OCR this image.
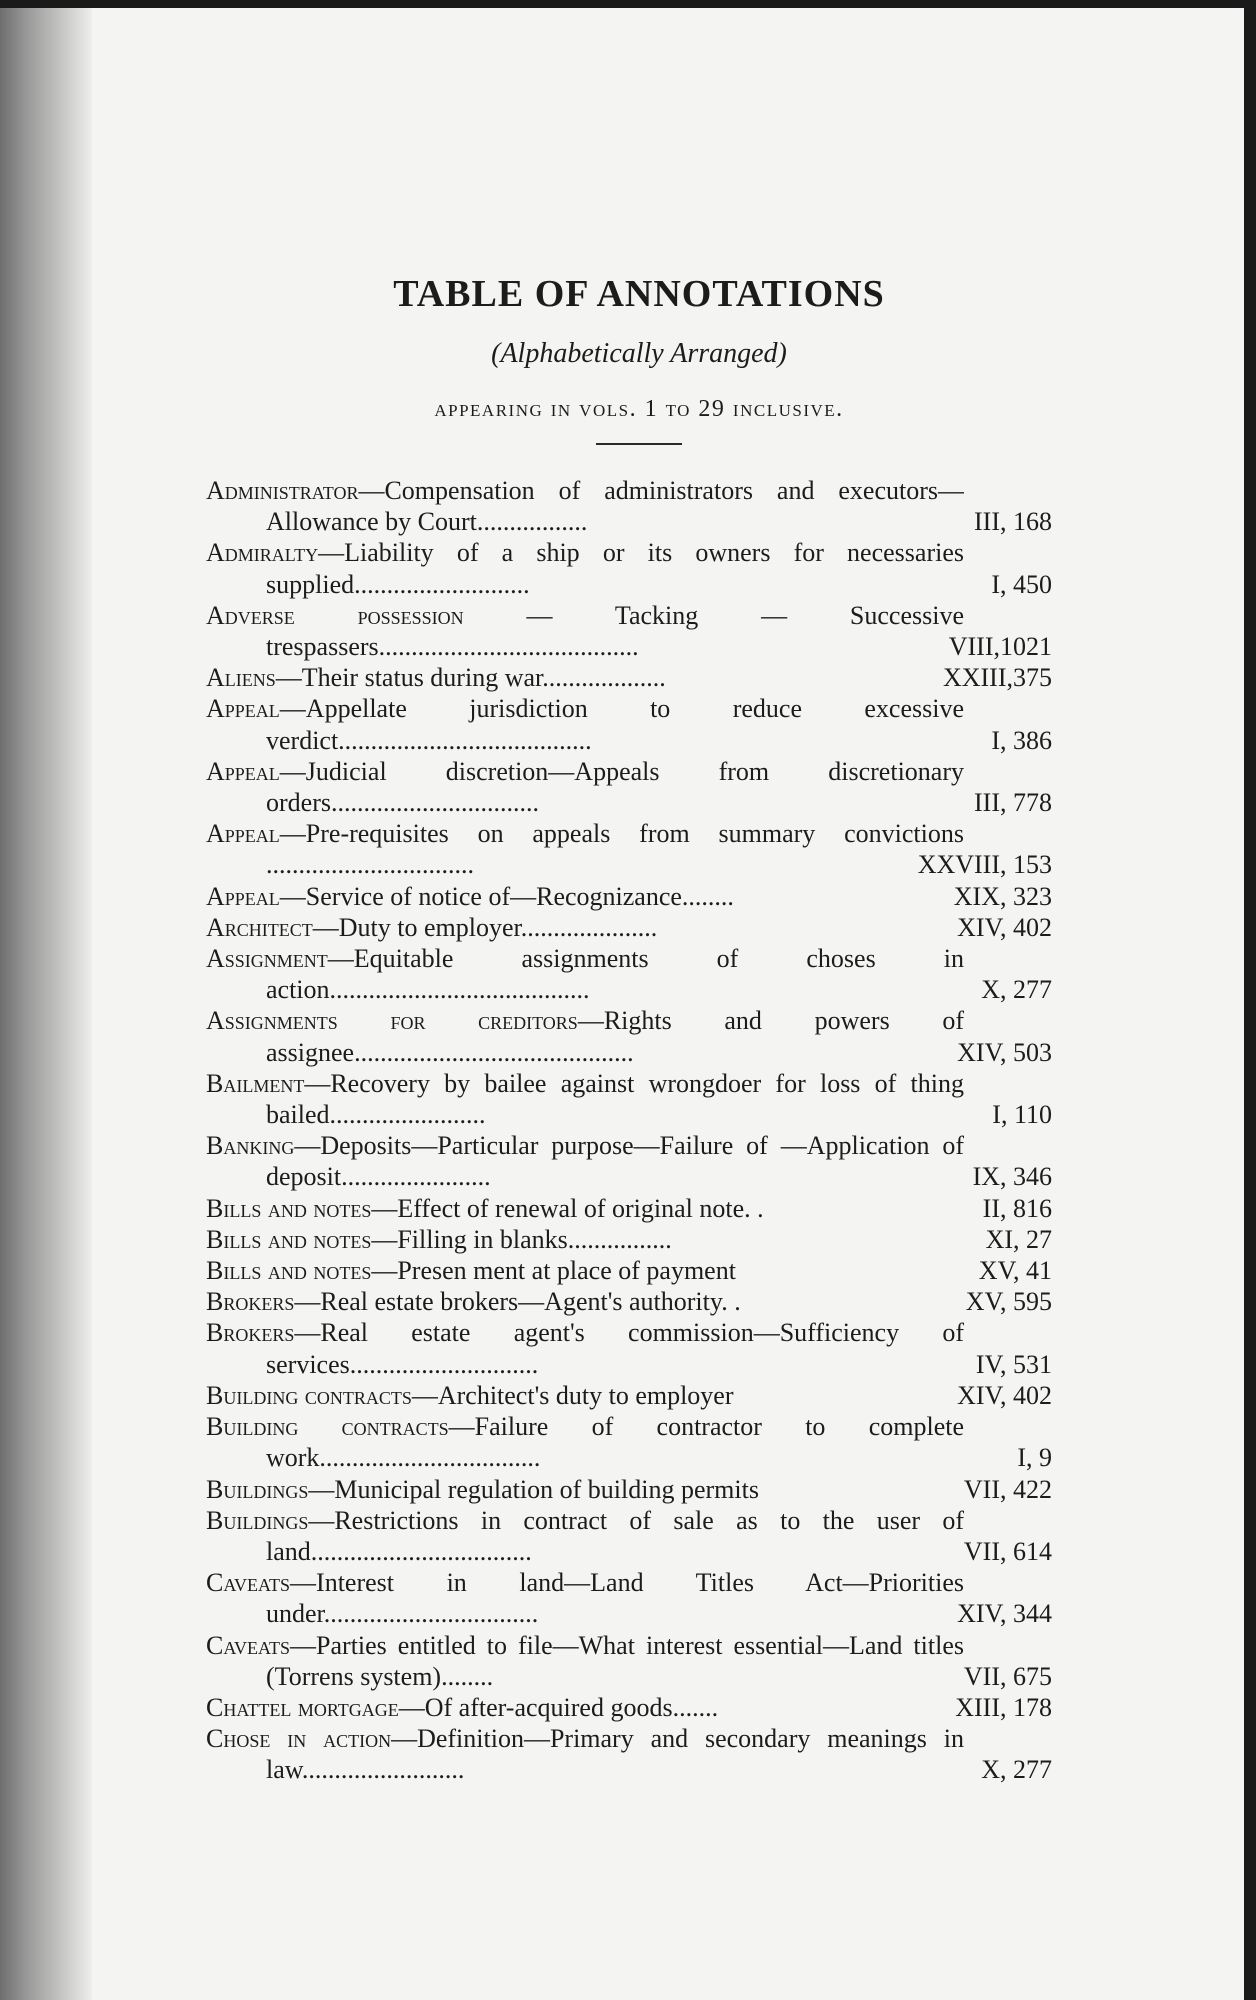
TABLE OF ANNOTATIONS
(Alphabetically Arranged)
appearing in vols. 1 to 29 inclusive.
Administrator—Compensation of administrators and executors—Allowance by Court.................	III, 168
Admiralty—Liability of a ship or its owners for necessaries supplied...........................	I, 450
Adverse possession — Tacking — Successive trespassers........................................	VIII,1021
Aliens—Their status during war...................	XXIII,375
Appeal—Appellate jurisdiction to reduce excessive verdict.......................................	I, 386
Appeal—Judicial discretion—Appeals from discretionary orders................................	III, 778
Appeal—Pre-requisites on appeals from summary convictions ................................	XXVIII, 153
Appeal—Service of notice of—Recognizance........	XIX, 323
Architect—Duty to employer.....................	XIV, 402
Assignment—Equitable assignments of choses in action........................................	X, 277
Assignments for creditors—Rights and powers of assignee...........................................	XIV, 503
Bailment—Recovery by bailee against wrongdoer for loss of thing bailed........................	I, 110
Banking—Deposits—Particular purpose—Failure of —Application of deposit.......................	IX, 346
Bills and notes—Effect of renewal of original note. .	II, 816
Bills and notes—Filling in blanks................	XI, 27
Bills and notes—Presen ment at place of payment	XV, 41
Brokers—Real estate brokers—Agent's authority. .	XV, 595
Brokers—Real estate agent's commission—Sufficiency of services.............................	IV, 531
Building contracts—Architect's duty to employer	XIV, 402
Building contracts—Failure of contractor to complete work..................................	I, 9
Buildings—Municipal regulation of building permits	VII, 422
Buildings—Restrictions in contract of sale as to the user of land..................................	VII, 614
Caveats—Interest in land—Land Titles Act—Priorities under.................................	XIV, 344
Caveats—Parties entitled to file—What interest essential—Land titles (Torrens system)........	VII, 675
Chattel mortgage—Of after-acquired goods.......	XIII, 178
Chose in action—Definition—Primary and secondary meanings in law.........................	X, 277
